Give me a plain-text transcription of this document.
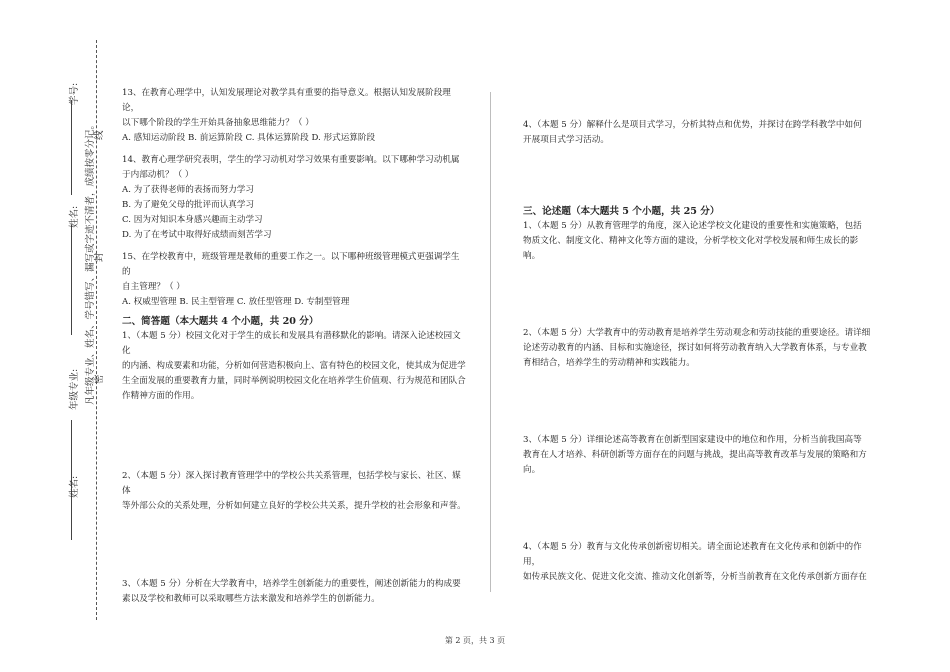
学号:
姓名:
年级专业:
姓名:
凡年级专业、姓名、学号错写、漏写或字迹不清者，成绩按零分记。
线
封
密

13、在教育心理学中，认知发展理论对教学具有重要的指导意义。根据认知发展阶段理论，

以下哪个阶段的学生开始具备抽象思维能力？（ ）

A. 感知运动阶段 B. 前运算阶段 C. 具体运算阶段 D. 形式运算阶段

14、教育心理学研究表明，学生的学习动机对学习效果有重要影响。以下哪种学习动机属

于内部动机？（ ）

A. 为了获得老师的表扬而努力学习

B. 为了避免父母的批评而认真学习

C. 因为对知识本身感兴趣而主动学习

D. 为了在考试中取得好成绩而刻苦学习

15、在学校教育中，班级管理是教师的重要工作之一。以下哪种班级管理模式更强调学生的

自主管理？（ ）

A. 权威型管理 B. 民主型管理 C. 放任型管理 D. 专制型管理

二、简答题（本大题共 4 个小题，共 20 分）

1、（本题 5 分）校园文化对于学生的成长和发展具有潜移默化的影响。请深入论述校园文化

的内涵、构成要素和功能，分析如何营造积极向上、富有特色的校园文化，使其成为促进学

生全面发展的重要教育力量，同时举例说明校园文化在培养学生价值观、行为规范和团队合

作精神方面的作用。

2、（本题 5 分）深入探讨教育管理学中的学校公共关系管理，包括学校与家长、社区、媒体

等外部公众的关系处理，分析如何建立良好的学校公共关系，提升学校的社会形象和声誉。

3、（本题 5 分）分析在大学教育中，培养学生创新能力的重要性，阐述创新能力的构成要

素以及学校和教师可以采取哪些方法来激发和培养学生的创新能力。

4、（本题 5 分）解释什么是项目式学习，分析其特点和优势，并探讨在跨学科教学中如何

开展项目式学习活动。

三、论述题（本大题共 5 个小题，共 25 分）

1、（本题 5 分）从教育管理学的角度，深入论述学校文化建设的重要性和实施策略，包括

物质文化、制度文化、精神文化等方面的建设，分析学校文化对学校发展和师生成长的影响。

2、（本题 5 分）大学教育中的劳动教育是培养学生劳动观念和劳动技能的重要途径。请详细

论述劳动教育的内涵、目标和实施途径，探讨如何将劳动教育纳入大学教育体系，与专业教

育相结合，培养学生的劳动精神和实践能力。

3、（本题 5 分）详细论述高等教育在创新型国家建设中的地位和作用，分析当前我国高等

教育在人才培养、科研创新等方面存在的问题与挑战，提出高等教育改革与发展的策略和方

向。

4、（本题 5 分）教育与文化传承创新密切相关。请全面论述教育在文化传承和创新中的作用，

如传承民族文化、促进文化交流、推动文化创新等，分析当前教育在文化传承创新方面存在

第 2 页，共 3 页
